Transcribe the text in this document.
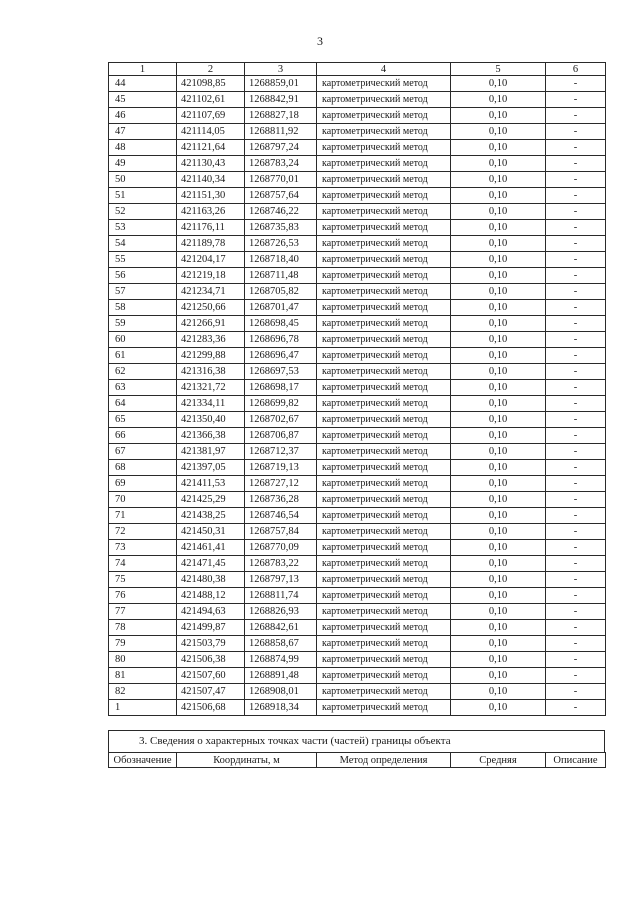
3
1	2	3	4	5	6
44	421098,85	1268859,01	картометрический метод	0,10	-
45	421102,61	1268842,91	картометрический метод	0,10	-
46	421107,69	1268827,18	картометрический метод	0,10	-
47	421114,05	1268811,92	картометрический метод	0,10	-
48	421121,64	1268797,24	картометрический метод	0,10	-
49	421130,43	1268783,24	картометрический метод	0,10	-
50	421140,34	1268770,01	картометрический метод	0,10	-
51	421151,30	1268757,64	картометрический метод	0,10	-
52	421163,26	1268746,22	картометрический метод	0,10	-
53	421176,11	1268735,83	картометрический метод	0,10	-
54	421189,78	1268726,53	картометрический метод	0,10	-
55	421204,17	1268718,40	картометрический метод	0,10	-
56	421219,18	1268711,48	картометрический метод	0,10	-
57	421234,71	1268705,82	картометрический метод	0,10	-
58	421250,66	1268701,47	картометрический метод	0,10	-
59	421266,91	1268698,45	картометрический метод	0,10	-
60	421283,36	1268696,78	картометрический метод	0,10	-
61	421299,88	1268696,47	картометрический метод	0,10	-
62	421316,38	1268697,53	картометрический метод	0,10	-
63	421321,72	1268698,17	картометрический метод	0,10	-
64	421334,11	1268699,82	картометрический метод	0,10	-
65	421350,40	1268702,67	картометрический метод	0,10	-
66	421366,38	1268706,87	картометрический метод	0,10	-
67	421381,97	1268712,37	картометрический метод	0,10	-
68	421397,05	1268719,13	картометрический метод	0,10	-
69	421411,53	1268727,12	картометрический метод	0,10	-
70	421425,29	1268736,28	картометрический метод	0,10	-
71	421438,25	1268746,54	картометрический метод	0,10	-
72	421450,31	1268757,84	картометрический метод	0,10	-
73	421461,41	1268770,09	картометрический метод	0,10	-
74	421471,45	1268783,22	картометрический метод	0,10	-
75	421480,38	1268797,13	картометрический метод	0,10	-
76	421488,12	1268811,74	картометрический метод	0,10	-
77	421494,63	1268826,93	картометрический метод	0,10	-
78	421499,87	1268842,61	картометрический метод	0,10	-
79	421503,79	1268858,67	картометрический метод	0,10	-
80	421506,38	1268874,99	картометрический метод	0,10	-
81	421507,60	1268891,48	картометрический метод	0,10	-
82	421507,47	1268908,01	картометрический метод	0,10	-
1	421506,68	1268918,34	картометрический метод	0,10	-
3. Сведения о характерных точках части (частей) границы объекта
Обозначение	Координаты, м	Метод определения	Средняя	Описание
